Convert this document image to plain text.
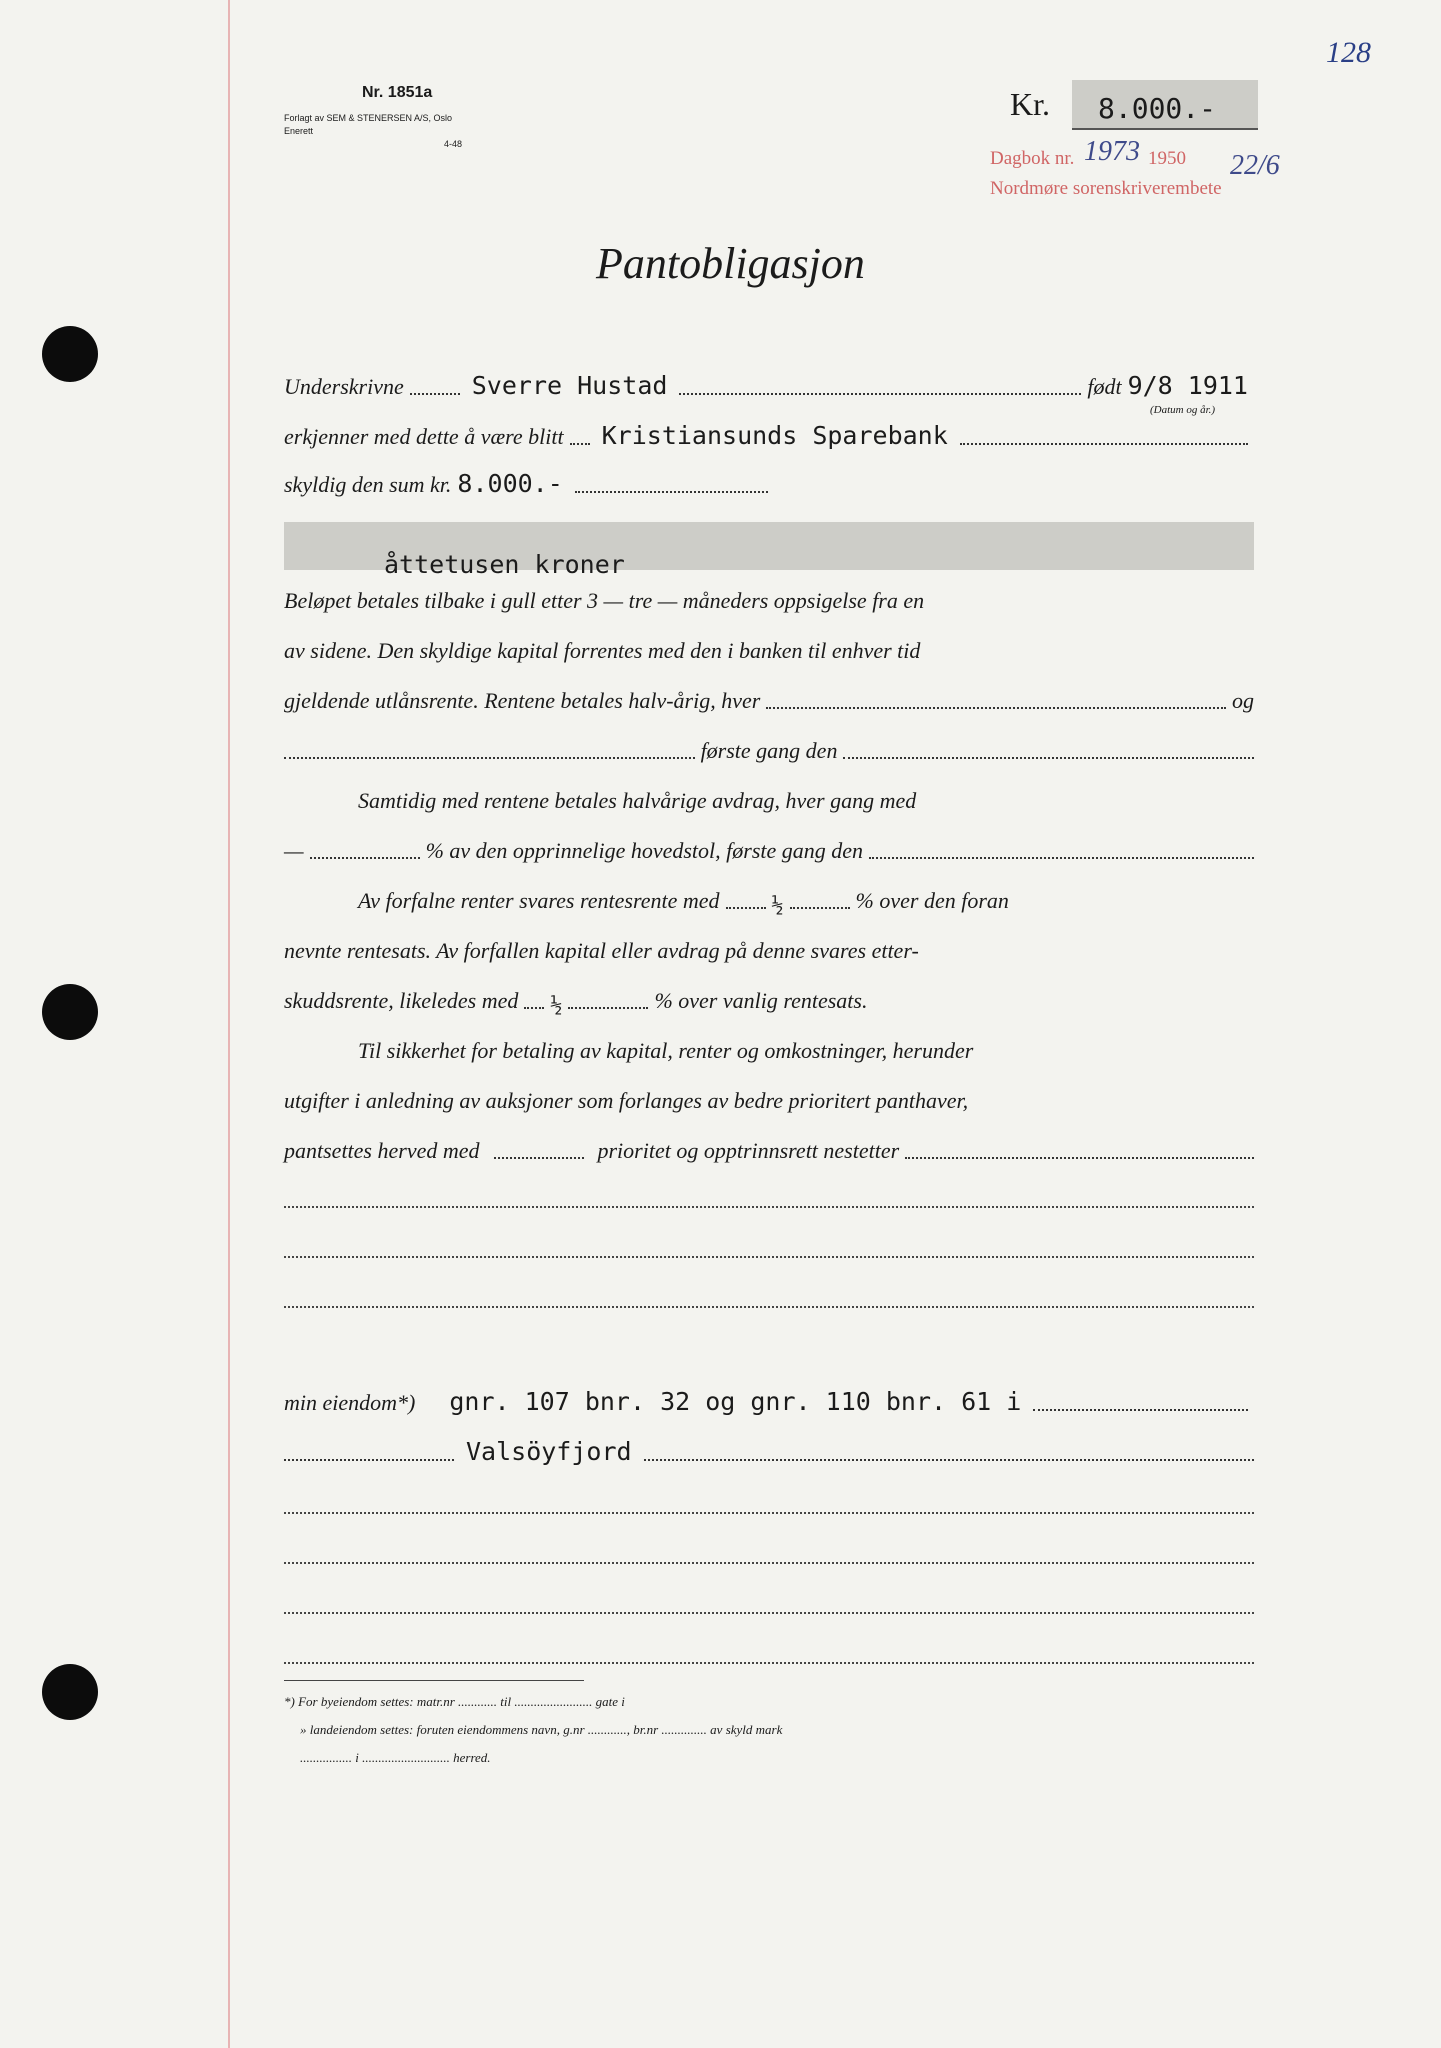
Nr. 1851a
Forlagt av SEM & STENERSEN A/S, Oslo
Enerett
4-48
128
Kr.	8.000.-
Dagbok nr. 1973 1950 22/6
Nordmøre sorenskriverembete
Pantobligasjon
Underskrivne	Sverre Hustad	født 9/8 1911
(Datum og år.)
erkjenner med dette å være blitt Kristiansunds Sparebank
skyldig den sum kr. 8.000.-
åttetusen kroner
Beløpet betales tilbake i gull etter 3 — tre — måneders oppsigelse fra en
av sidene. Den skyldige kapital forrentes med den i banken til enhver tid
gjeldende utlånsrente. Rentene betales halv-årig, hver	og
første gang den
Samtidig med rentene betales halvårige avdrag, hver gang med
—	% av den opprinnelige hovedstol, første gang den
Av forfalne renter svares rentesrente med	½	% over den foran
nevnte rentesats. Av forfallen kapital eller avdrag på denne svares etter-
skuddsrente, likeledes med ½	% over vanlig rentesats.
Til sikkerhet for betaling av kapital, renter og omkostninger, herunder
utgifter i anledning av auksjoner som forlanges av bedre prioritert panthaver,
pantsettes herved med	prioritet og opptrinnsrett nestetter
min eiendom*)	gnr. 107 bnr. 32 og gnr. 110 bnr. 61 i
Valsöyfjord
*) For byeiendom settes: matr.nr ............ til ........................ gate i
» landeiendom settes: foruten eiendommens navn, g.nr ............, br.nr .............. av skyld mark
................ i ........................... herred.
